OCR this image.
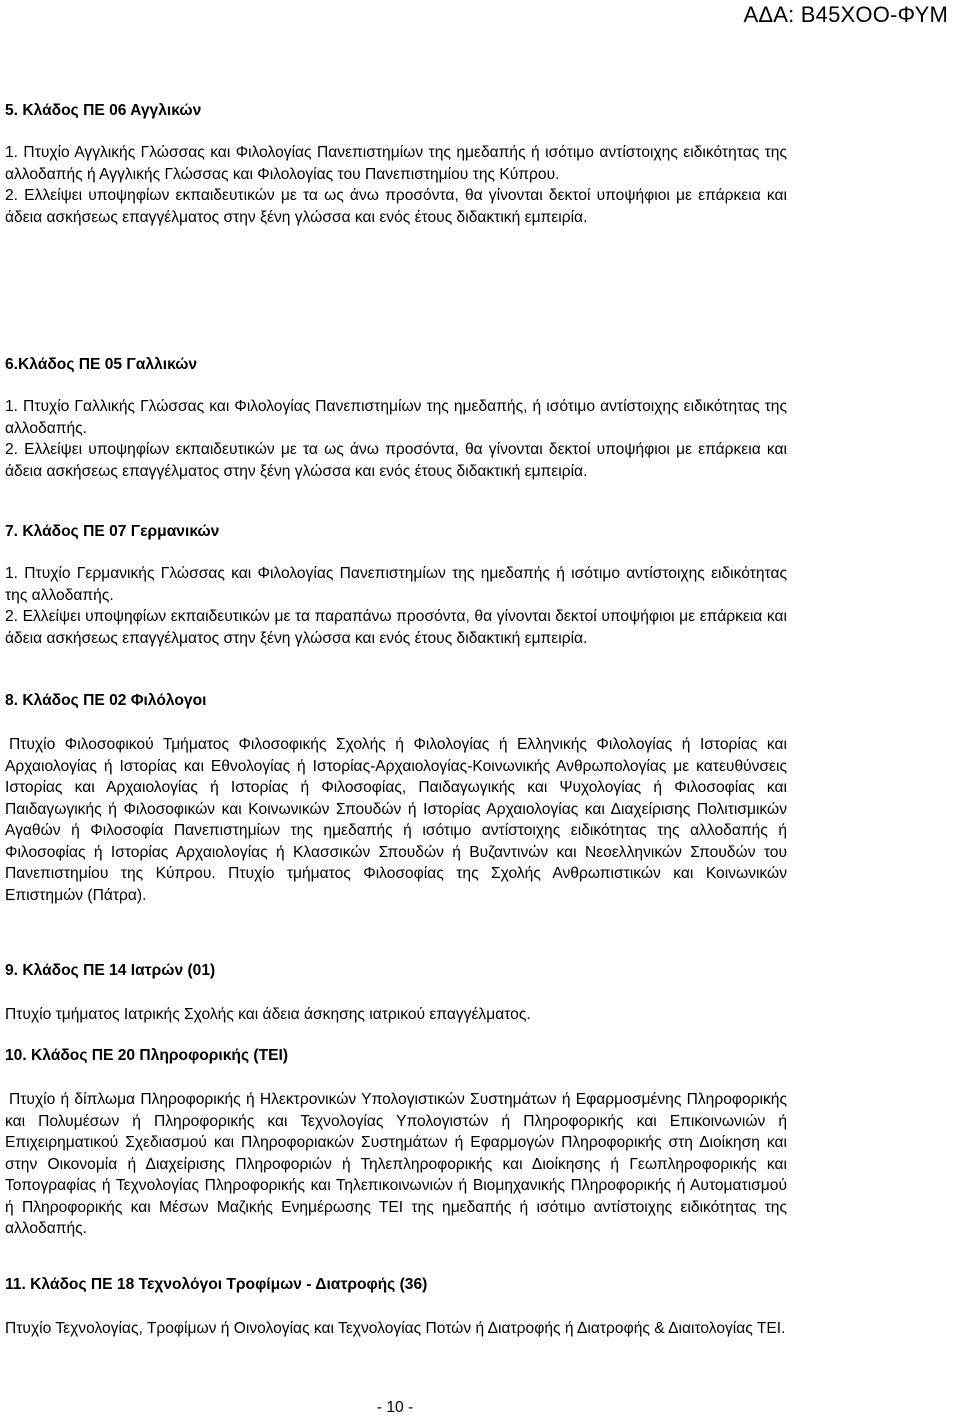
ΑΔΑ: Β45ΧΟΟ-ΦΥΜ
5. Κλάδος ΠΕ 06 Αγγλικών

1. Πτυχίο Αγγλικής Γλώσσας και Φιλολογίας Πανεπιστημίων της ημεδαπής ή ισότιμο αντίστοιχης ειδικότητας της αλλοδαπής ή Αγγλικής Γλώσσας και Φιλολογίας του Πανεπιστημίου της Κύπρου.

2. Ελλείψει υποψηφίων εκπαιδευτικών με τα ως άνω προσόντα, θα γίνονται δεκτοί υποψήφιοι με επάρκεια και άδεια ασκήσεως επαγγέλματος στην ξένη γλώσσα και ενός έτους διδακτική εμπειρία.

6.Κλάδος ΠΕ 05 Γαλλικών

1. Πτυχίο Γαλλικής Γλώσσας και Φιλολογίας Πανεπιστημίων της ημεδαπής, ή ισότιμο αντίστοιχης ειδικότητας της αλλοδαπής.

2. Ελλείψει υποψηφίων εκπαιδευτικών με τα ως άνω προσόντα, θα γίνονται δεκτοί υποψήφιοι με επάρκεια και άδεια ασκήσεως επαγγέλματος στην ξένη γλώσσα και ενός έτους διδακτική εμπειρία.

7. Κλάδος ΠΕ 07 Γερμανικών

1. Πτυχίο Γερμανικής Γλώσσας και Φιλολογίας Πανεπιστημίων της ημεδαπής ή ισότιμο αντίστοιχης ειδικότητας της αλλοδαπής.

2. Ελλείψει υποψηφίων εκπαιδευτικών με τα παραπάνω προσόντα, θα γίνονται δεκτοί υποψήφιοι με επάρκεια και άδεια ασκήσεως επαγγέλματος στην ξένη γλώσσα και ενός έτους διδακτική εμπειρία.

8. Κλάδος ΠΕ 02 Φιλόλογοι

Πτυχίο Φιλοσοφικού Τμήματος Φιλοσοφικής Σχολής ή Φιλολογίας ή Ελληνικής Φιλολογίας ή Ιστορίας και Αρχαιολογίας ή Ιστορίας και Εθνολογίας ή Ιστορίας-Αρχαιολογίας-Κοινωνικής Ανθρωπολογίας με κατευθύνσεις Ιστορίας και Αρχαιολογίας ή Ιστορίας ή Φιλοσοφίας, Παιδαγωγικής και Ψυχολογίας ή Φιλοσοφίας και Παιδαγωγικής ή Φιλοσοφικών και Κοινωνικών Σπουδών ή Ιστορίας Αρχαιολογίας και Διαχείρισης Πολιτισμικών Αγαθών ή Φιλοσοφία Πανεπιστημίων της ημεδαπής ή ισότιμο αντίστοιχης ειδικότητας της αλλοδαπής ή Φιλοσοφίας ή Ιστορίας Αρχαιολογίας ή Κλασσικών Σπουδών ή Βυζαντινών και Νεοελληνικών Σπουδών του Πανεπιστημίου της Κύπρου. Πτυχίο τμήματος Φιλοσοφίας της Σχολής Ανθρωπιστικών και Κοινωνικών Επιστημών (Πάτρα).

9. Κλάδος ΠΕ 14 Ιατρών (01)

Πτυχίο τμήματος Ιατρικής Σχολής και άδεια άσκησης ιατρικού επαγγέλματος.

10. Κλάδος ΠΕ 20 Πληροφορικής (ΤΕΙ)

Πτυχίο ή δίπλωμα Πληροφορικής ή Ηλεκτρονικών Υπολογιστικών Συστημάτων ή Εφαρμοσμένης Πληροφορικής και Πολυμέσων ή Πληροφορικής και Τεχνολογίας Υπολογιστών ή Πληροφορικής και Επικοινωνιών ή Επιχειρηματικού Σχεδιασμού και Πληροφοριακών Συστημάτων ή Εφαρμογών Πληροφορικής στη Διοίκηση και στην Οικονομία ή Διαχείρισης Πληροφοριών ή Τηλεπληροφορικής και Διοίκησης ή Γεωπληροφορικής και Τοπογραφίας ή Τεχνολογίας Πληροφορικής και Τηλεπικοινωνιών ή Βιομηχανικής Πληροφορικής ή Αυτοματισμού ή Πληροφορικής και Μέσων Μαζικής Ενημέρωσης ΤΕΙ της ημεδαπής ή ισότιμο αντίστοιχης ειδικότητας της αλλοδαπής.

11. Κλάδος ΠΕ 18 Τεχνολόγοι Τροφίμων - Διατροφής (36)

Πτυχίο Τεχνολογίας, Τροφίμων ή Οινολογίας και Τεχνολογίας Ποτών ή Διατροφής ή Διατροφής & Διαιτολογίας ΤΕΙ.

- 10 -
